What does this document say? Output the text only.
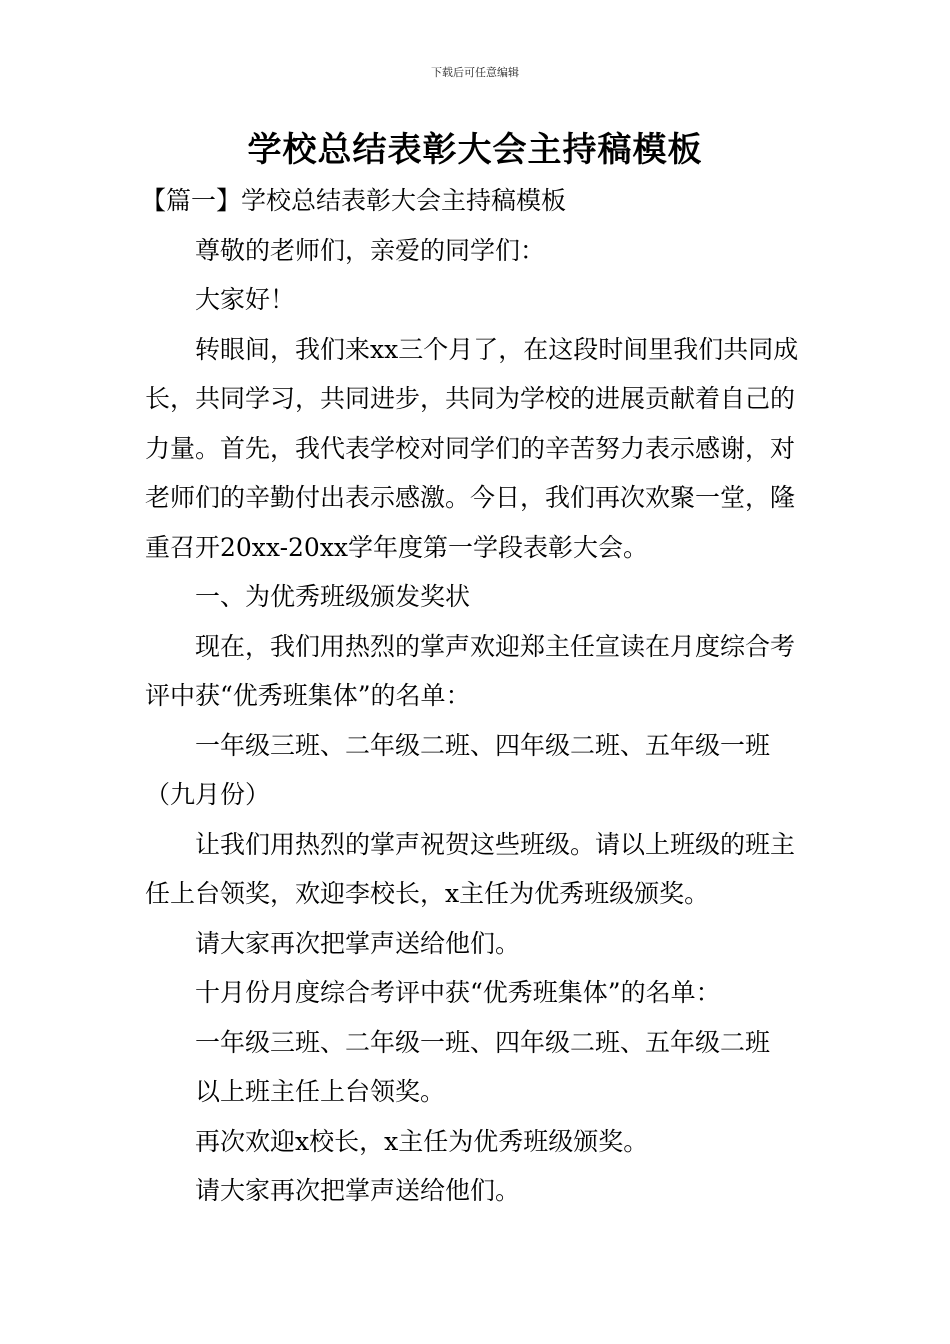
下载后可任意编辑
学校总结表彰大会主持稿模板

【篇一】学校总结表彰大会主持稿模板

尊敬的老师们，亲爱的同学们：

大家好！

转眼间，我们来xx三个月了，在这段时间里我们共同成长，共同学习，共同进步，共同为学校的进展贡献着自己的力量。首先，我代表学校对同学们的辛苦努力表示感谢，对老师们的辛勤付出表示感激。今日，我们再次欢聚一堂，隆重召开20xx-20xx学年度第一学段表彰大会。

一、为优秀班级颁发奖状

现在，我们用热烈的掌声欢迎郑主任宣读在月度综合考评中获“优秀班集体”的名单：

一年级三班、二年级二班、四年级二班、五年级一班（九月份）

让我们用热烈的掌声祝贺这些班级。请以上班级的班主任上台领奖，欢迎李校长，x主任为优秀班级颁奖。

请大家再次把掌声送给他们。

十月份月度综合考评中获“优秀班集体”的名单：

一年级三班、二年级一班、四年级二班、五年级二班

以上班主任上台领奖。

再次欢迎x校长，x主任为优秀班级颁奖。

请大家再次把掌声送给他们。
